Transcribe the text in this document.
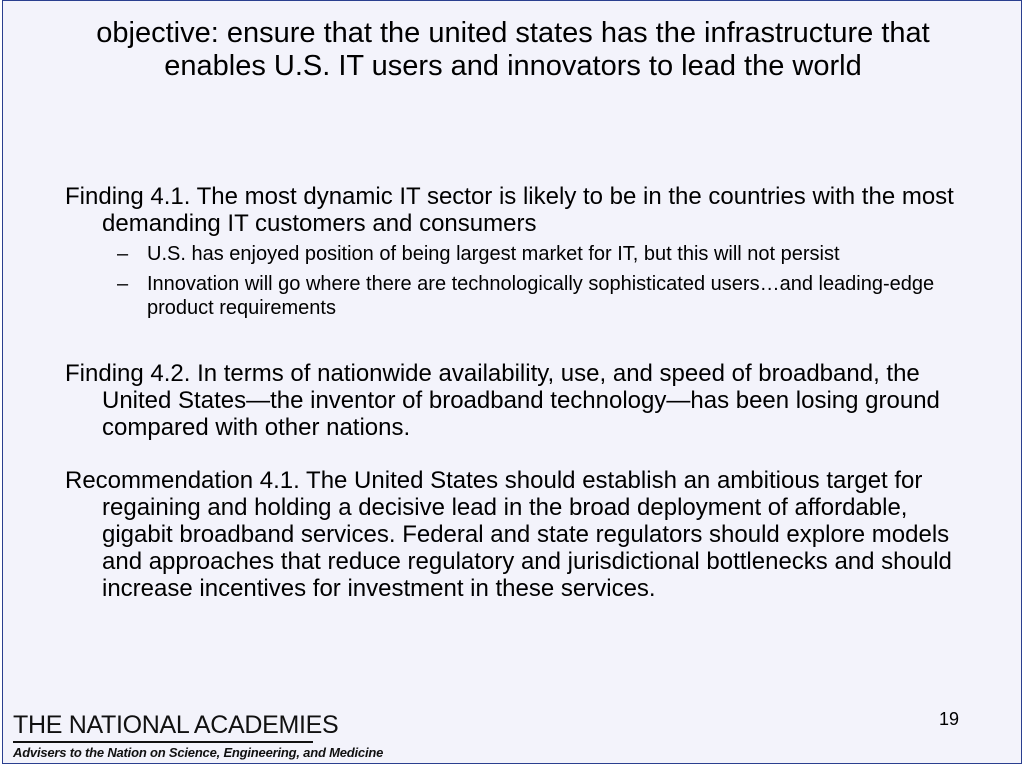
objective: ensure that the united states has the infrastructure that enables U.S. IT users and innovators to lead the world

Finding 4.1. The most dynamic IT sector is likely to be in the countries with the most demanding IT customers and consumers

– U.S. has enjoyed position of being largest market for IT, but this will not persist
– Innovation will go where there are technologically sophisticated users…and leading-edge product requirements

Finding 4.2. In terms of nationwide availability, use, and speed of broadband, the United States—the inventor of broadband technology—has been losing ground compared with other nations.

Recommendation 4.1. The United States should establish an ambitious target for regaining and holding a decisive lead in the broad deployment of affordable, gigabit broadband services. Federal and state regulators should explore models and approaches that reduce regulatory and jurisdictional bottlenecks and should increase incentives for investment in these services.

19
THE NATIONAL ACADEMIES
Advisers to the Nation on Science, Engineering, and Medicine
